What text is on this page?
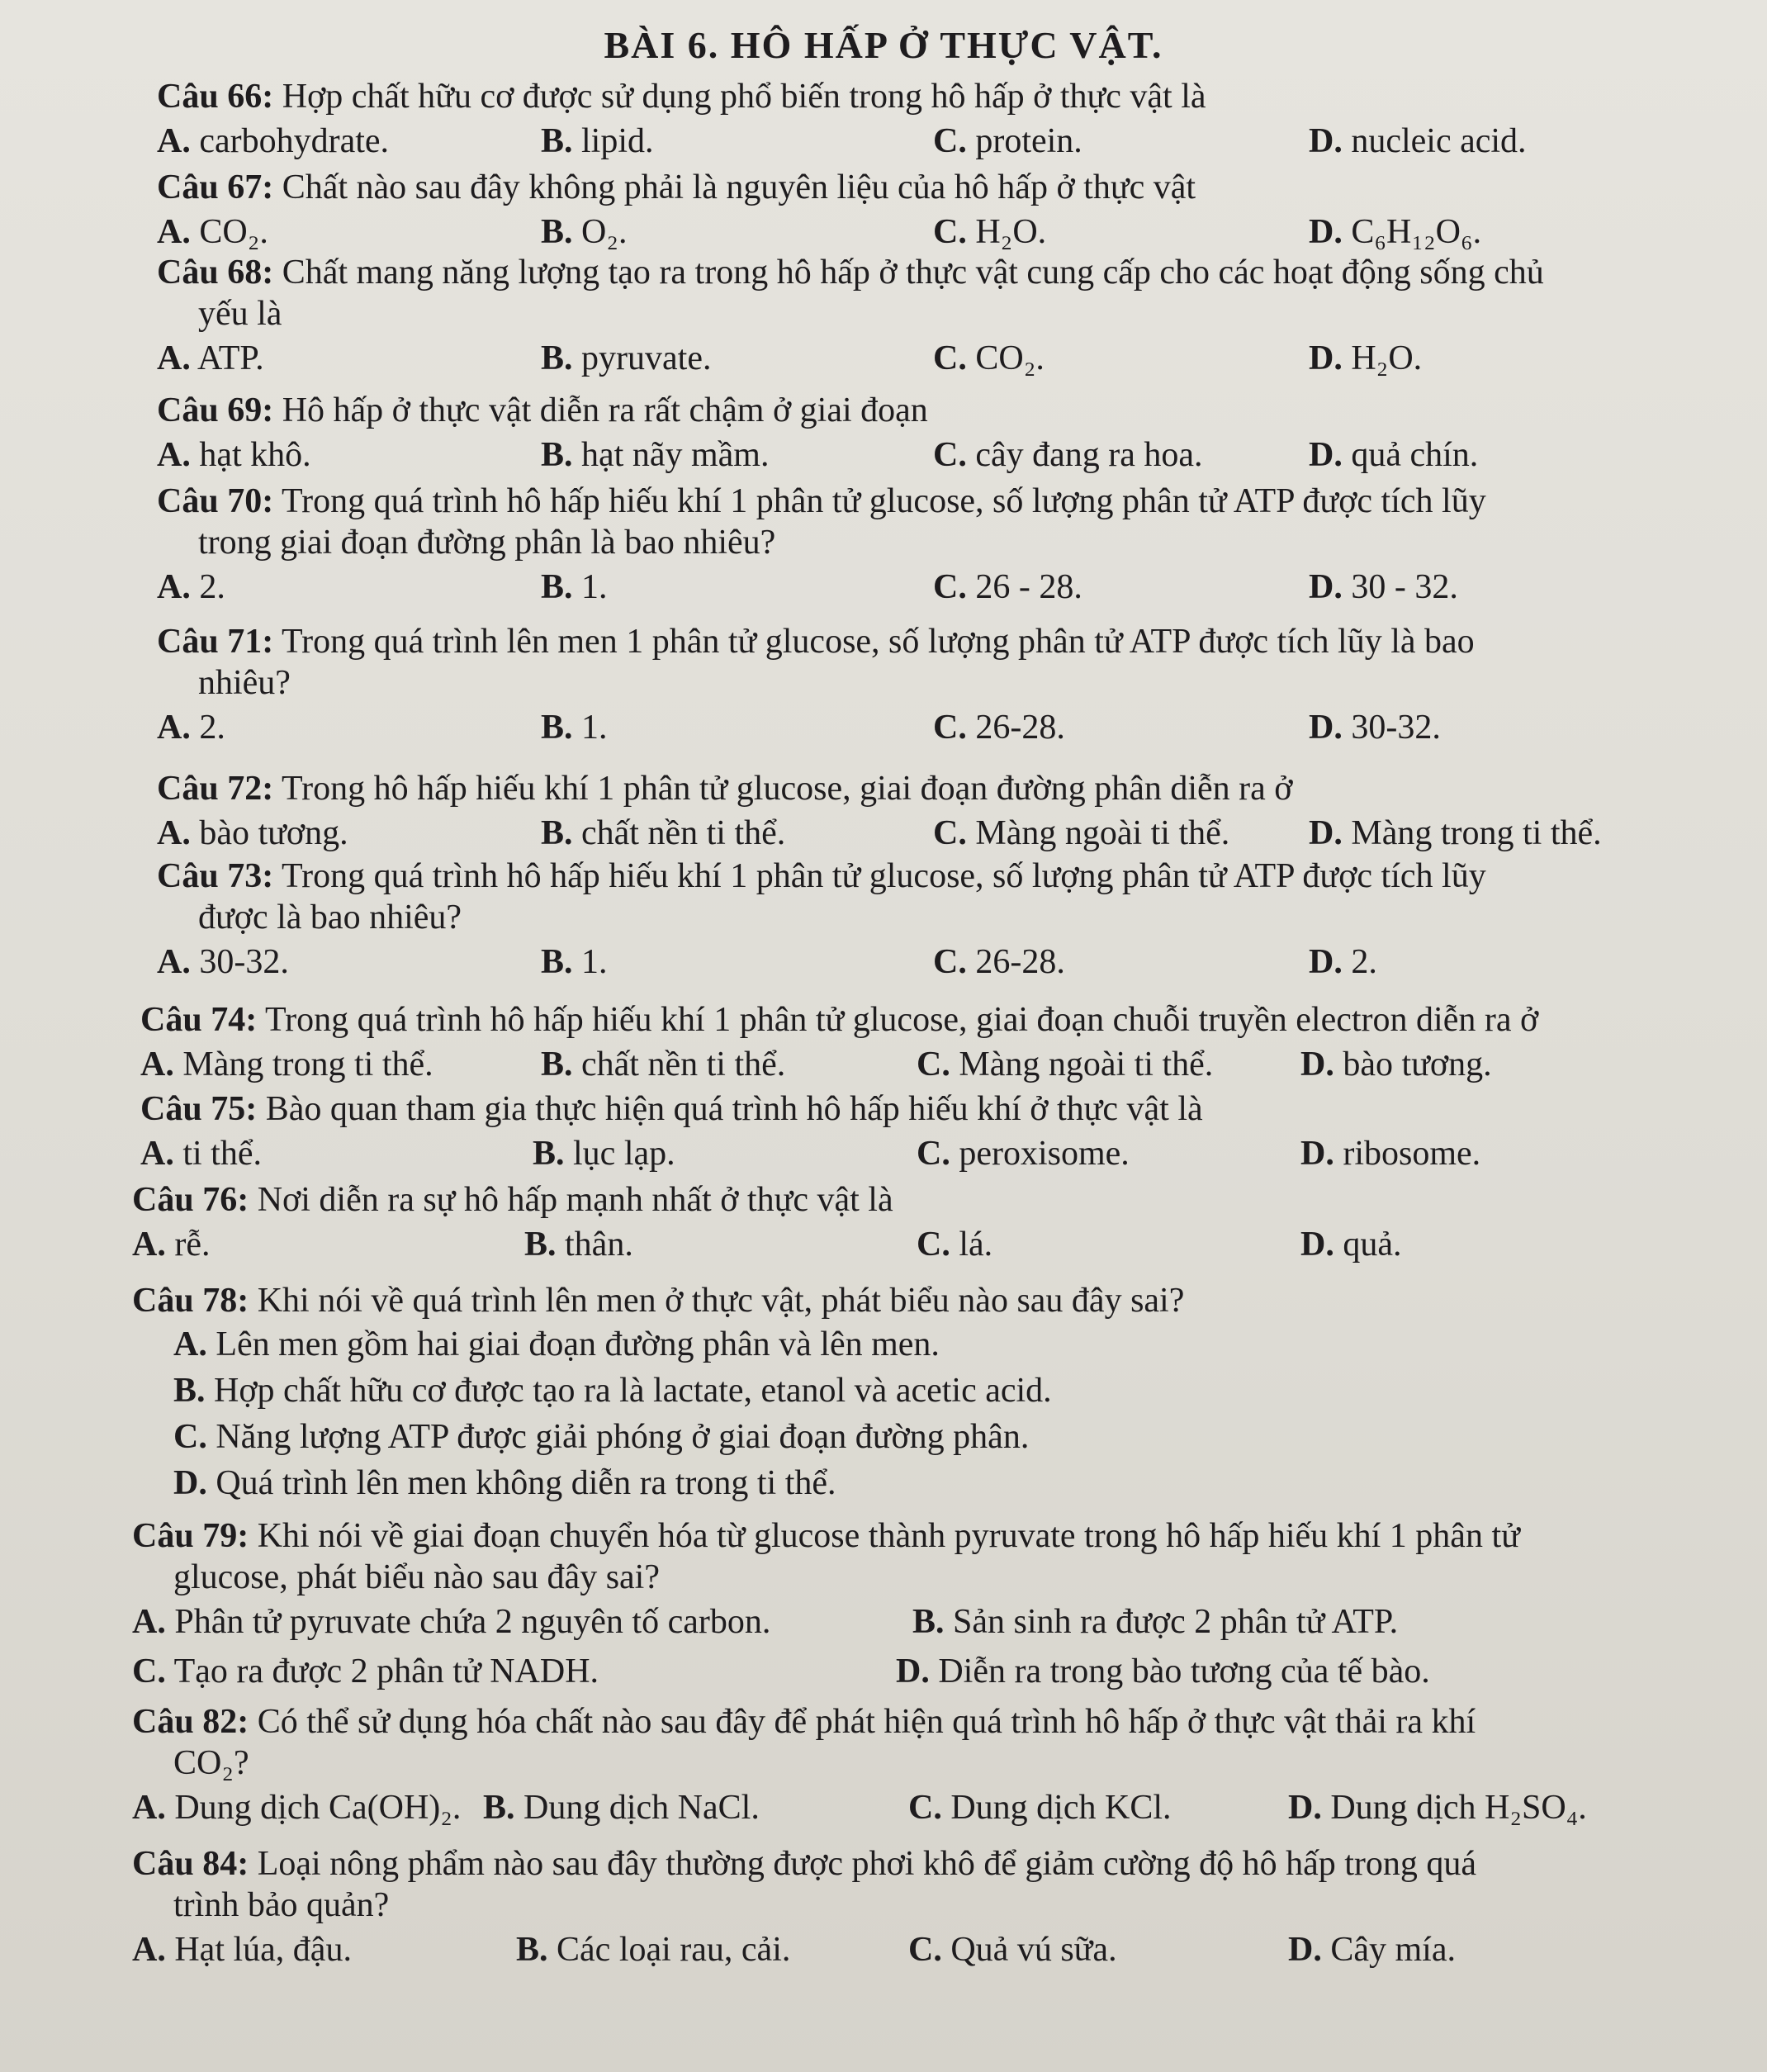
BÀI 6. HÔ HẤP Ở THỰC VẬT.
Câu 66: Hợp chất hữu cơ được sử dụng phổ biến trong hô hấp ở thực vật là
A. carbohydrate.	B. lipid.	C. protein.	D. nucleic acid.
Câu 67: Chất nào sau đây không phải là nguyên liệu của hô hấp ở thực vật
A. CO₂.	B. O₂.	C. H₂O.	D. C₆H₁₂O₆.
Câu 68: Chất mang năng lượng tạo ra trong hô hấp ở thực vật cung cấp cho các hoạt động sống chủ
yếu là
A. ATP.	B. pyruvate.	C. CO₂.	D. H₂O.
Câu 69: Hô hấp ở thực vật diễn ra rất chậm ở giai đoạn
A. hạt khô.	B. hạt nãy mầm.	C. cây đang ra hoa.	D. quả chín.
Câu 70: Trong quá trình hô hấp hiếu khí 1 phân tử glucose, số lượng phân tử ATP được tích lũy
trong giai đoạn đường phân là bao nhiêu?
A. 2.	B. 1.	C. 26 - 28.	D. 30 - 32.
Câu 71: Trong quá trình lên men 1 phân tử glucose, số lượng phân tử ATP được tích lũy là bao
nhiêu?
A. 2.	B. 1.	C. 26-28.	D. 30-32.
Câu 72: Trong hô hấp hiếu khí 1 phân tử glucose, giai đoạn đường phân diễn ra ở
A. bào tương.	B. chất nền ti thể.	C. Màng ngoài ti thể. D. Màng trong ti thể.
Câu 73: Trong quá trình hô hấp hiếu khí 1 phân tử glucose, số lượng phân tử ATP được tích lũy
được là bao nhiêu?
A. 30-32.	B. 1.	C. 26-28.	D. 2.
Câu 74: Trong quá trình hô hấp hiếu khí 1 phân tử glucose, giai đoạn chuỗi truyền electron diễn ra ở
A. Màng trong ti thể.	B. chất nền ti thể.	C. Màng ngoài ti thể.	D. bào tương.
Câu 75: Bào quan tham gia thực hiện quá trình hô hấp hiếu khí ở thực vật là
A. ti thể.	B. lục lạp.	C. peroxisome.	D. ribosome.
Câu 76: Nơi diễn ra sự hô hấp mạnh nhất ở thực vật là
A. rễ.	B. thân.	C. lá.	D. quả.
Câu 78: Khi nói về quá trình lên men ở thực vật, phát biểu nào sau đây sai?
A. Lên men gồm hai giai đoạn đường phân và lên men.
B. Hợp chất hữu cơ được tạo ra là lactate, etanol và acetic acid.
C. Năng lượng ATP được giải phóng ở giai đoạn đường phân.
D. Quá trình lên men không diễn ra trong ti thể.
Câu 79: Khi nói về giai đoạn chuyển hóa từ glucose thành pyruvate trong hô hấp hiếu khí 1 phân tử
glucose, phát biểu nào sau đây sai?
A. Phân tử pyruvate chứa 2 nguyên tố carbon.	B. Sản sinh ra được 2 phân tử ATP.
C. Tạo ra được 2 phân tử NADH.	D. Diễn ra trong bào tương của tế bào.
Câu 82: Có thể sử dụng hóa chất nào sau đây để phát hiện quá trình hô hấp ở thực vật thải ra khí
CO₂?
A. Dung dịch Ca(OH)₂. B. Dung dịch NaCl.	C. Dung dịch KCl.	D. Dung dịch H₂SO₄.
Câu 84: Loại nông phẩm nào sau đây thường được phơi khô để giảm cường độ hô hấp trong quá
trình bảo quản?
A. Hạt lúa, đậu.	B. Các loại rau, cải.	C. Quả vú sữa.	D. Cây mía.
